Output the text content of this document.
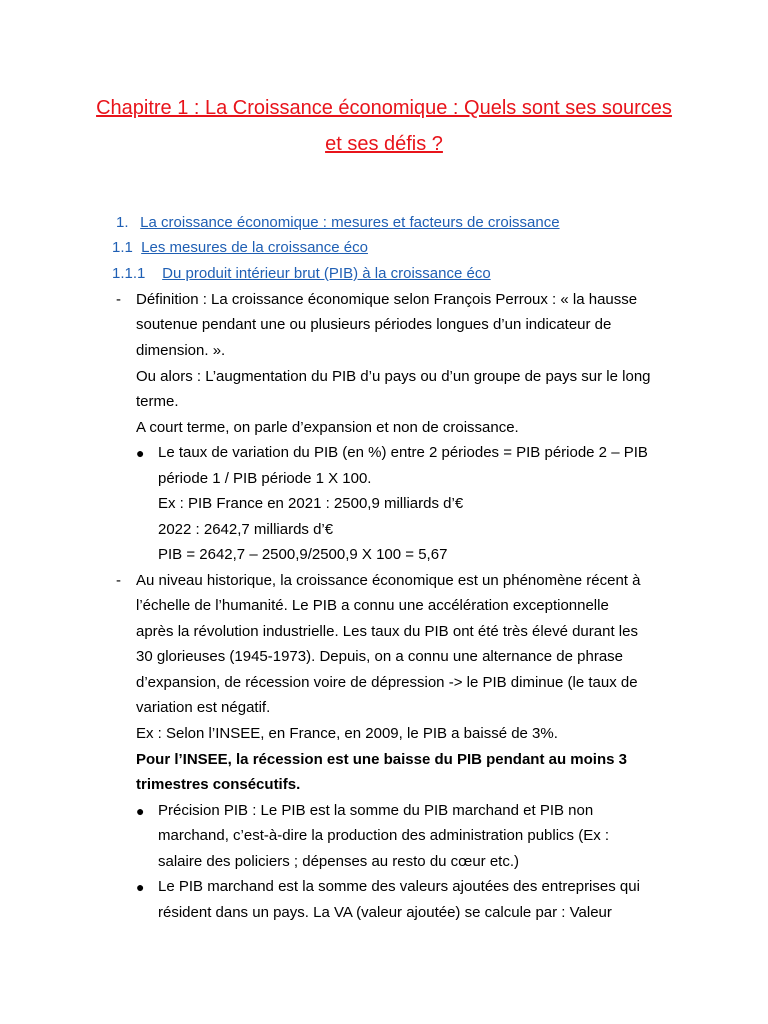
Chapitre 1 : La Croissance économique : Quels sont ses sources
et ses défis ?
1. La croissance économique : mesures et facteurs de croissance
1.1 Les mesures de la croissance éco
1.1.1 Du produit intérieur brut (PIB) à la croissance éco
- Définition : La croissance économique selon François Perroux : « la hausse
soutenue pendant une ou plusieurs périodes longues d’un indicateur de
dimension. ».
Ou alors : L’augmentation du PIB d’u pays ou d’un groupe de pays sur le long
terme.
A court terme, on parle d’expansion et non de croissance.
● Le taux de variation du PIB (en %) entre 2 périodes = PIB période 2 – PIB
période 1 / PIB période 1 X 100.
Ex : PIB France en 2021 : 2500,9 milliards d’€
2022 : 2642,7 milliards d’€
PIB = 2642,7 – 2500,9/2500,9 X 100 = 5,67
- Au niveau historique, la croissance économique est un phénomène récent à
l’échelle de l’humanité. Le PIB a connu une accélération exceptionnelle
après la révolution industrielle. Les taux du PIB ont été très élevé durant les
30 glorieuses (1945-1973). Depuis, on a connu une alternance de phrase
d’expansion, de récession voire de dépression -> le PIB diminue (le taux de
variation est négatif.
Ex : Selon l’INSEE, en France, en 2009, le PIB a baissé de 3%.
Pour l’INSEE, la récession est une baisse du PIB pendant au moins 3
trimestres consécutifs.
● Précision PIB : Le PIB est la somme du PIB marchand et PIB non
marchand, c’est-à-dire la production des administration publics (Ex :
salaire des policiers ; dépenses au resto du cœur etc.)
● Le PIB marchand est la somme des valeurs ajoutées des entreprises qui
résident dans un pays. La VA (valeur ajoutée) se calcule par : Valeur
